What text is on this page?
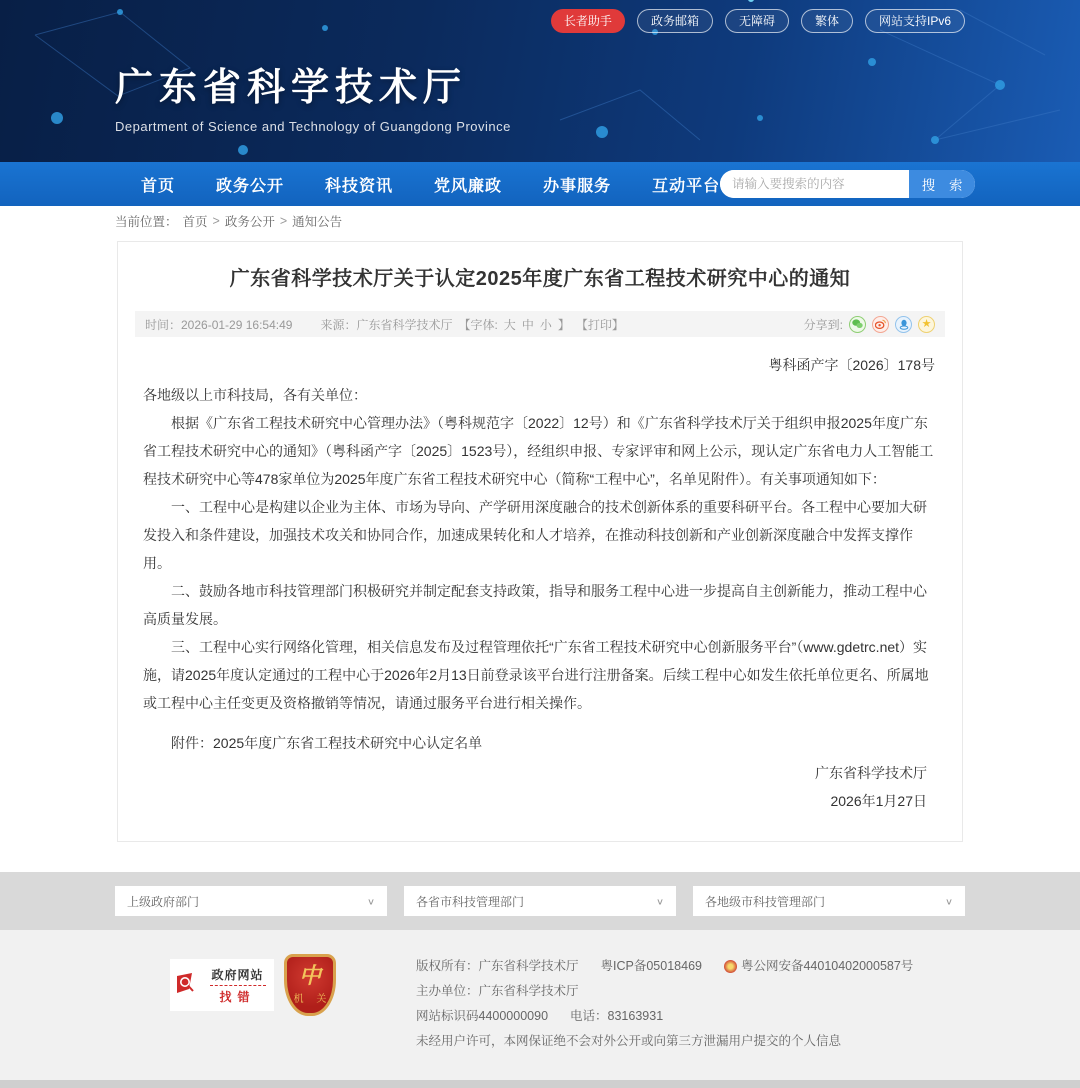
长者助手	政务邮箱	无障碍	繁体	网站支持IPv6
广东省科学技术厅
Department of Science and Technology of Guangdong Province
首页	政务公开	科技资讯	党风廉政	办事服务	互动平台
请输入要搜索的内容	搜 索
当前位置： 首页 > 政务公开 > 通知公告
广东省科学技术厅关于认定2025年度广东省工程技术研究中心的通知
时间：2026-01-29 16:54:49 来源：广东省科学技术厅 【字体: 大 中 小 】 【打印】	分享到:	★
粤科函产字〔2026〕178号

各地级以上市科技局，各有关单位：

根据《广东省工程技术研究中心管理办法》（粤科规范字〔2022〕12号）和《广东省科学技术厅关于组织申报2025年度广东省工程技术研究中心的通知》（粤科函产字〔2025〕1523号），经组织申报、专家评审和网上公示，现认定广东省电力人工智能工程技术研究中心等478家单位为2025年度广东省工程技术研究中心（简称“工程中心”，名单见附件）。有关事项通知如下：

一、工程中心是构建以企业为主体、市场为导向、产学研用深度融合的技术创新体系的重要科研平台。各工程中心要加大研发投入和条件建设，加强技术攻关和协同合作，加速成果转化和人才培养，在推动科技创新和产业创新深度融合中发挥支撑作用。

二、鼓励各地市科技管理部门积极研究并制定配套支持政策，指导和服务工程中心进一步提高自主创新能力，推动工程中心高质量发展。

三、工程中心实行网络化管理，相关信息发布及过程管理依托“广东省工程技术研究中心创新服务平台”（www.gdetrc.net）实施，请2025年度认定通过的工程中心于2026年2月13日前登录该平台进行注册备案。后续工程中心如发生依托单位更名、所属地或工程中心主任变更及资格撤销等情况，请通过服务平台进行相关操作。

附件：2025年度广东省工程技术研究中心认定名单

广东省科学技术厅
2026年1月27日
上级政府部门	∨	各省市科技管理部门	∨	各地级市科技管理部门	∨
政府网站
找错
中
机 关
版权所有：广东省科学技术厅 粤ICP备05018469	粤公网安备44010402000587号
主办单位：广东省科学技术厅
网站标识码4400000090 电话：83163931
未经用户许可，本网保证绝不会对外公开或向第三方泄漏用户提交的个人信息
